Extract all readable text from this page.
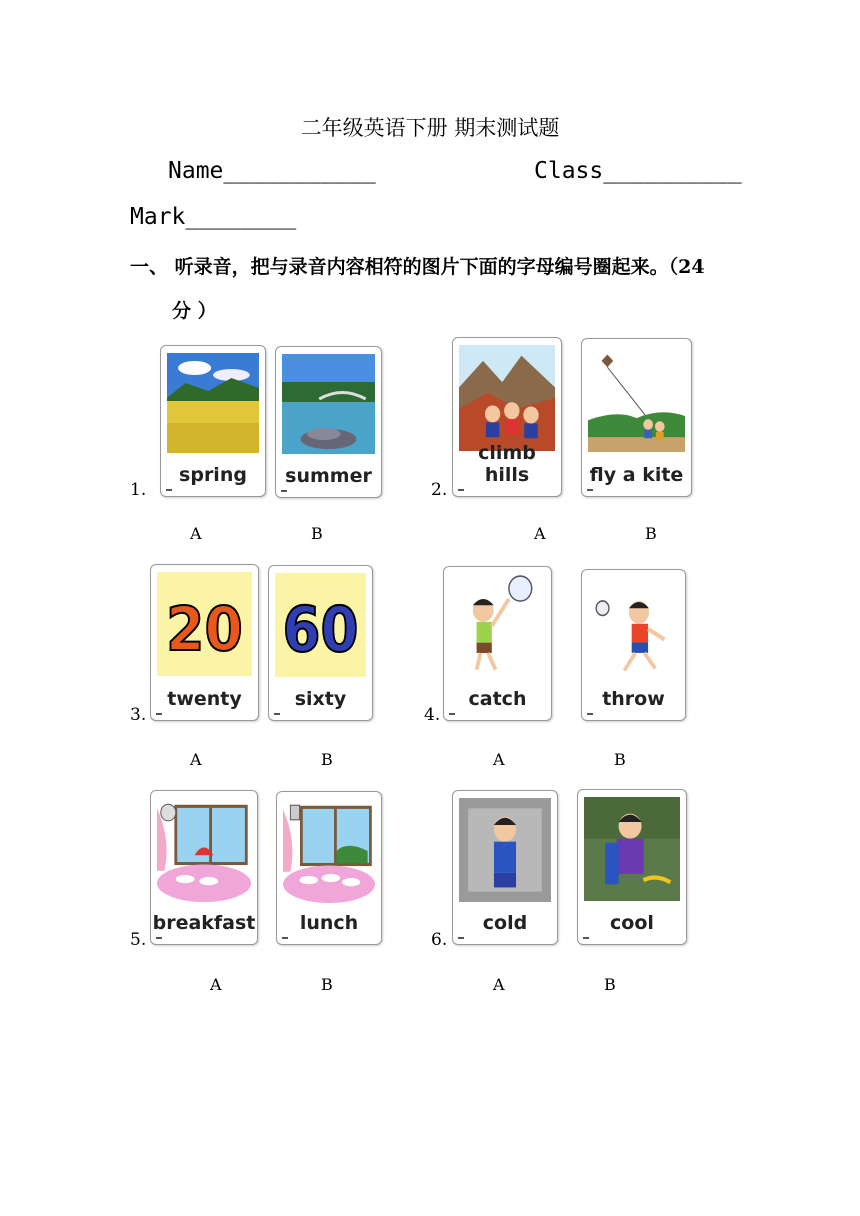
二年级英语下册 期末测试题
Name___________	Class__________
Mark________
一、 听录音，把与录音内容相符的图片下面的字母编号圈起来。（24
分 ）
1.
spring	summer
A	B
2.
climb hills	fly a kite
A	B
3.
20
twenty
60
sixty
A	B
4.
catch	throw
A	B
5.
breakfast	lunch
A	B
6.
cold	cool
A	B
